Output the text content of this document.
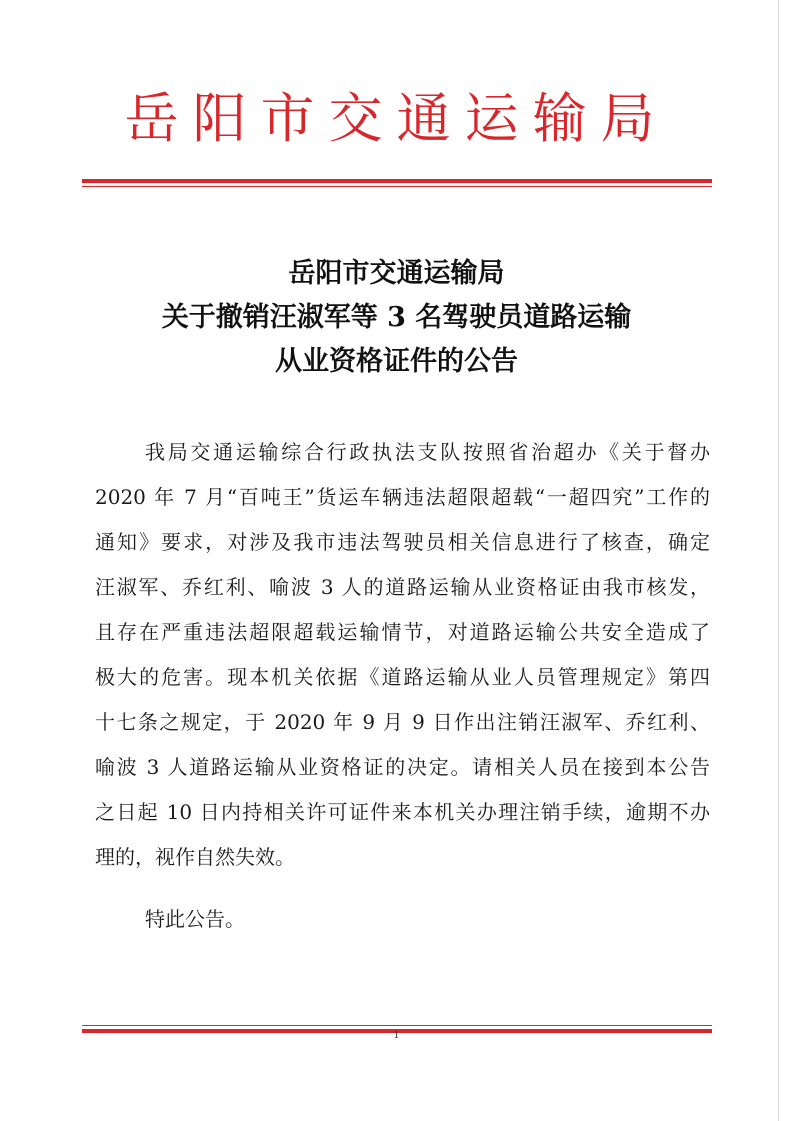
岳阳市交通运输局
岳阳市交通运输局
关于撤销汪淑军等 3 名驾驶员道路运输
从业资格证件的公告
我局交通运输综合行政执法支队按照省治超办《关于督办
2020 年 7 月“百吨王”货运车辆违法超限超载“一超四究”工作的
通知》要求，对涉及我市违法驾驶员相关信息进行了核查，确定
汪淑军、乔红利、喻波 3 人的道路运输从业资格证由我市核发，
且存在严重违法超限超载运输情节，对道路运输公共安全造成了
极大的危害。现本机关依据《道路运输从业人员管理规定》第四
十七条之规定，于 2020 年 9 月 9 日作出注销汪淑军、乔红利、
喻波 3 人道路运输从业资格证的决定。请相关人员在接到本公告
之日起 10 日内持相关许可证件来本机关办理注销手续，逾期不办
理的，视作自然失效。
特此公告。
1
